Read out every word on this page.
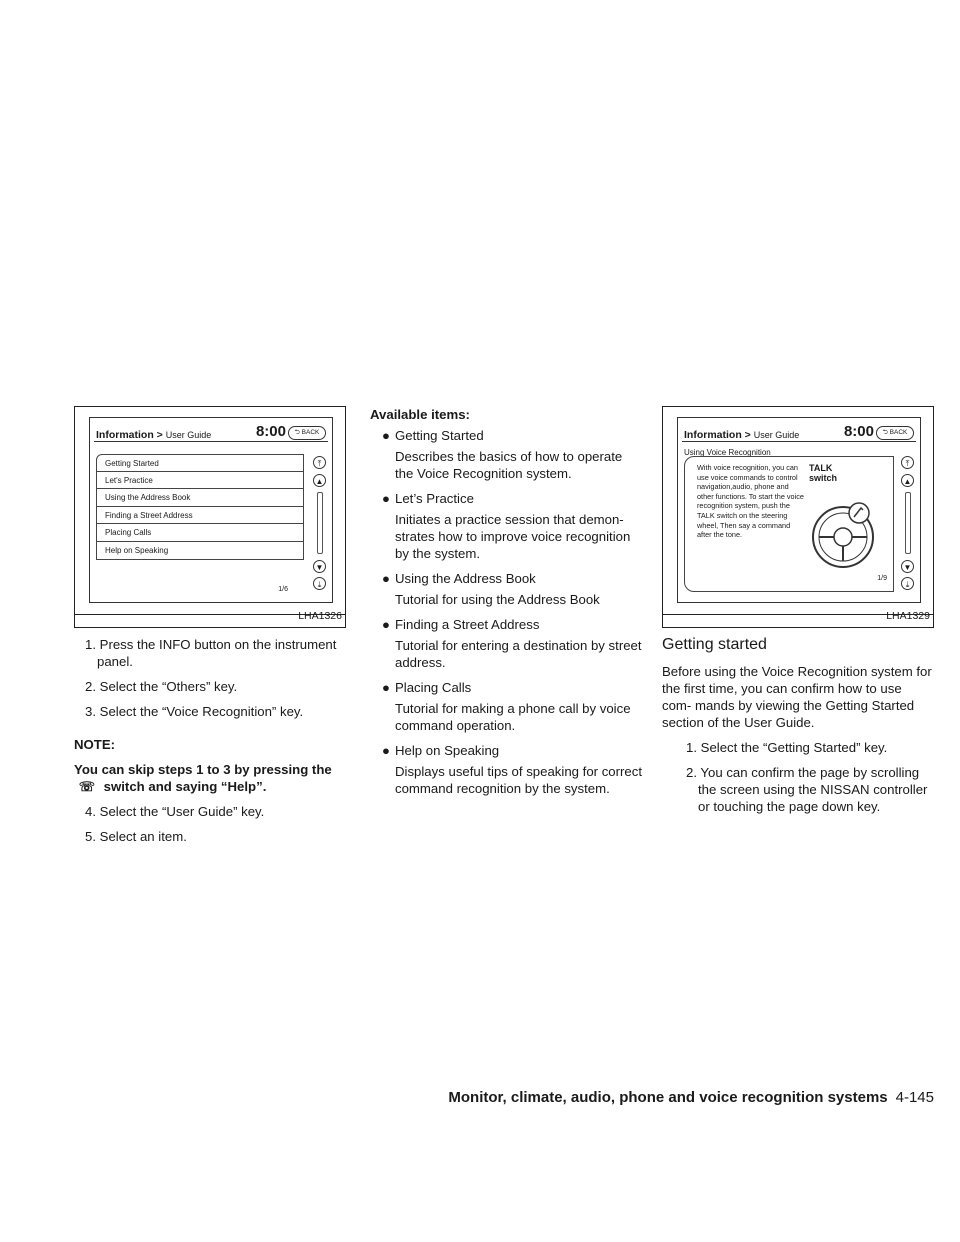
Information > User Guide	8:00	⮌ BACK
Getting Started
Let's Practice
Using the Address Book
Finding a Street Address
Placing Calls
Help on Speaking
⤒
▲
▼
⤓
1/6
LHA1326
1. Press the INFO button on the instrument panel.
2. Select the “Others” key.
3. Select the “Voice Recognition” key.
NOTE:

You can skip steps 1 to 3 by pressing the ☏ switch and saying “Help”.

4. Select the “User Guide” key.
5. Select an item.
Available items:
● Getting Started
Describes the basics of how to operate the Voice Recognition system.
● Let’s Practice
Initiates a practice session that demon- strates how to improve voice recognition by the system.
● Using the Address Book
Tutorial for using the Address Book
● Finding a Street Address
Tutorial for entering a destination by street address.
● Placing Calls
Tutorial for making a phone call by voice command operation.
● Help on Speaking
Displays useful tips of speaking for correct command recognition by the system.
Information > User Guide	8:00	⮌ BACK
Using Voice Recognition
With voice recognition, you can use voice commands to control navigation,audio, phone and other functions. To start the voice recognition system, push the TALK switch on the steering wheel, Then say a command after the tone.
TALK switch
1/9
⤒
▲
▼
⤓
LHA1329
Getting started
Before using the Voice Recognition system for the first time, you can confirm how to use com- mands by viewing the Getting Started section of the User Guide.
1. Select the “Getting Started” key.
2. You can confirm the page by scrolling the screen using the NISSAN controller or touching the page down key.
Monitor, climate, audio, phone and voice recognition systems 4-145
